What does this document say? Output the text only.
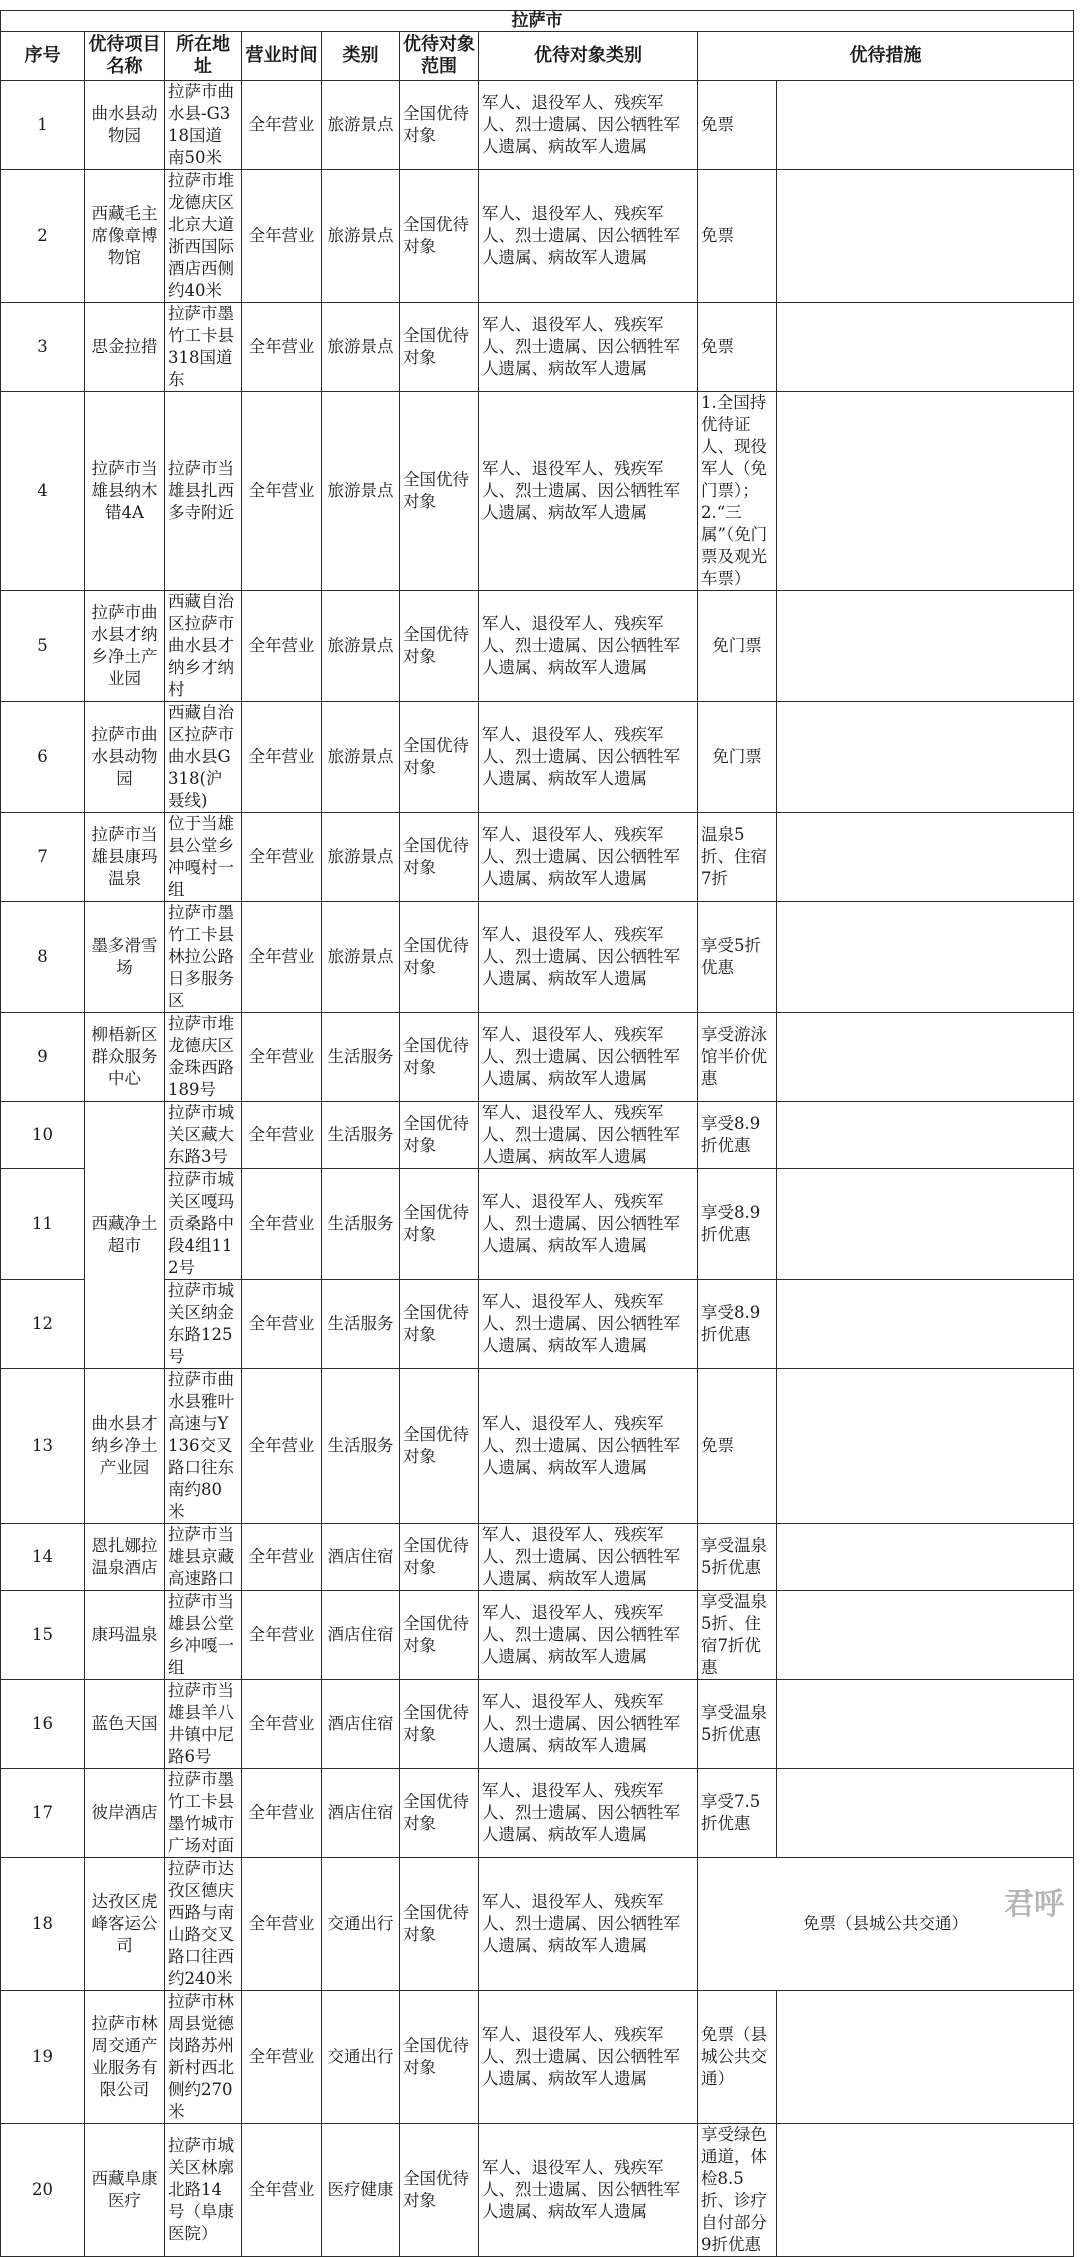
拉萨市								
序号	优待项目名称	所在地址	营业时间	类别	优待对象范围	优待对象类别	优待措施	
1	曲水县动物园	拉萨市曲水县-G318国道南50米	全年营业	旅游景点	全国优待对象	军人、退役军人、残疾军人、烈士遗属、因公牺牲军人遗属、病故军人遗属	免票	
2	西藏毛主席像章博物馆	拉萨市堆龙德庆区北京大道浙西国际酒店西侧约40米	全年营业	旅游景点	全国优待对象	军人、退役军人、残疾军人、烈士遗属、因公牺牲军人遗属、病故军人遗属	免票	
3	思金拉措	拉萨市墨竹工卡县318国道东	全年营业	旅游景点	全国优待对象	军人、退役军人、残疾军人、烈士遗属、因公牺牲军人遗属、病故军人遗属	免票	
4	拉萨市当雄县纳木错4A	拉萨市当雄县扎西多寺附近	全年营业	旅游景点	全国优待对象	军人、退役军人、残疾军人、烈士遗属、因公牺牲军人遗属、病故军人遗属	1.全国持优待证人、现役军人（免门票）；2.“三属”（免门票及观光车票）	
5	拉萨市曲水县才纳乡净土产业园	西藏自治区拉萨市曲水县才纳乡才纳村	全年营业	旅游景点	全国优待对象	军人、退役军人、残疾军人、烈士遗属、因公牺牲军人遗属、病故军人遗属	免门票	
6	拉萨市曲水县动物园	西藏自治区拉萨市曲水县G318(沪聂线)	全年营业	旅游景点	全国优待对象	军人、退役军人、残疾军人、烈士遗属、因公牺牲军人遗属、病故军人遗属	免门票	
7	拉萨市当雄县康玛温泉	位于当雄县公堂乡冲嘎村一组	全年营业	旅游景点	全国优待对象	军人、退役军人、残疾军人、烈士遗属、因公牺牲军人遗属、病故军人遗属	温泉5折、住宿7折	
8	墨多滑雪场	拉萨市墨竹工卡县林拉公路日多服务区	全年营业	旅游景点	全国优待对象	军人、退役军人、残疾军人、烈士遗属、因公牺牲军人遗属、病故军人遗属	享受5折优惠	
9	柳梧新区群众服务中心	拉萨市堆龙德庆区金珠西路189号	全年营业	生活服务	全国优待对象	军人、退役军人、残疾军人、烈士遗属、因公牺牲军人遗属、病故军人遗属	享受游泳馆半价优惠	
10	西藏净土超市	拉萨市城关区藏大东路3号	全年营业	生活服务	全国优待对象	军人、退役军人、残疾军人、烈士遗属、因公牺牲军人遗属、病故军人遗属	享受8.9折优惠	
11		拉萨市城关区嘎玛贡桑路中段4组112号	全年营业	生活服务	全国优待对象	军人、退役军人、残疾军人、烈士遗属、因公牺牲军人遗属、病故军人遗属	享受8.9折优惠	
12		拉萨市城关区纳金东路125号	全年营业	生活服务	全国优待对象	军人、退役军人、残疾军人、烈士遗属、因公牺牲军人遗属、病故军人遗属	享受8.9折优惠	
13	曲水县才纳乡净土产业园	拉萨市曲水县雅叶高速与Y136交叉路口往东南约80米	全年营业	生活服务	全国优待对象	军人、退役军人、残疾军人、烈士遗属、因公牺牲军人遗属、病故军人遗属	免票	
14	恩扎娜拉温泉酒店	拉萨市当雄县京藏高速路口	全年营业	酒店住宿	全国优待对象	军人、退役军人、残疾军人、烈士遗属、因公牺牲军人遗属、病故军人遗属	享受温泉5折优惠	
15	康玛温泉	拉萨市当雄县公堂乡冲嘎一组	全年营业	酒店住宿	全国优待对象	军人、退役军人、残疾军人、烈士遗属、因公牺牲军人遗属、病故军人遗属	享受温泉5折、住宿7折优惠	
16	蓝色天国	拉萨市当雄县羊八井镇中尼路6号	全年营业	酒店住宿	全国优待对象	军人、退役军人、残疾军人、烈士遗属、因公牺牲军人遗属、病故军人遗属	享受温泉5折优惠	
17	彼岸酒店	拉萨市墨竹工卡县墨竹城市广场对面	全年营业	酒店住宿	全国优待对象	军人、退役军人、残疾军人、烈士遗属、因公牺牲军人遗属、病故军人遗属	享受7.5折优惠	
18	达孜区虎峰客运公司	拉萨市达孜区德庆西路与南山路交叉路口往西约240米	全年营业	交通出行	全国优待对象	军人、退役军人、残疾军人、烈士遗属、因公牺牲军人遗属、病故军人遗属	免票（县城公共交通）	
19	拉萨市林周交通产业服务有限公司	拉萨市林周县觉德岗路苏州新村西北侧约270米	全年营业	交通出行	全国优待对象	军人、退役军人、残疾军人、烈士遗属、因公牺牲军人遗属、病故军人遗属	免票（县城公共交通）	
20	西藏阜康医疗	拉萨市城关区林廓北路14号（阜康医院）	全年营业	医疗健康	全国优待对象	军人、退役军人、残疾军人、烈士遗属、因公牺牲军人遗属、病故军人遗属	享受绿色通道，体检8.5折、诊疗自付部分9折优惠	
君呼
